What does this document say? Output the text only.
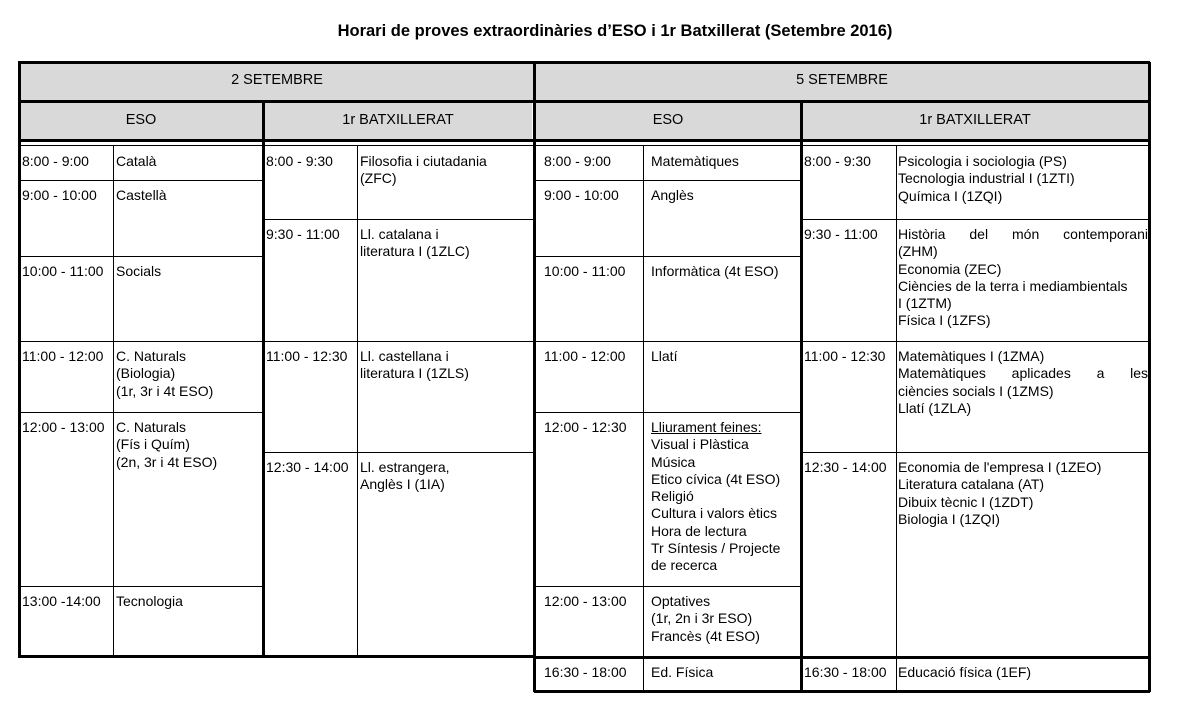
Horari de proves extraordinàries d’ESO i 1r Batxillerat (Setembre 2016)
2 SETEMBRE	5 SETEMBRE
ESO	1r BATXILLERAT	ESO	1r BATXILLERAT
8:00 - 9:00	Català
9:00 - 10:00	Castellà
10:00 - 11:00 Socials
11:00 - 12:00 C. Naturals
(Biologia)
(1r, 3r i 4t ESO)
12:00 - 13:00 C. Naturals
(Fís i Quím)
(2n, 3r i 4t ESO)
13:00 -14:00	Tecnologia
8:00 - 9:30	Filosofia i ciutadania
(ZFC)
9:30 - 11:00	Ll. catalana i
literatura I (1ZLC)
11:00 - 12:30 Ll. castellana i
literatura I (1ZLS)
12:30 - 14:00 Ll. estrangera,
Anglès I (1IA)
8:00 - 9:00	Matemàtiques
9:00 - 10:00	Anglès
10:00 - 11:00	Informàtica (4t ESO)
11:00 - 12:00	Llatí
12:00 - 12:30	Lliurament feines:
Visual i Plàstica
Música
Etico cívica (4t ESO)
Religió
Cultura i valors ètics
Hora de lectura
Tr Síntesis / Projecte
de recerca
12:00 - 13:00	Optatives
(1r, 2n i 3r ESO)
Francès (4t ESO)
16:30 - 18:00	Ed. Física
8:00 - 9:30	Psicologia i sociologia (PS)
Tecnologia industrial I (1ZTI)
Química I (1ZQI)
9:30 - 11:00	Història del món contemporani
(ZHM)
Economia (ZEC)
Ciències de la terra i mediambientals
I (1ZTM)
Física I (1ZFS)
11:00 - 12:30 Matemàtiques I (1ZMA)
Matemàtiques aplicades a les
ciències socials I (1ZMS)
Llatí (1ZLA)
12:30 - 14:00 Economia de l'empresa I (1ZEO)
Literatura catalana (AT)
Dibuix tècnic I (1ZDT)
Biologia I (1ZQI)
16:30 - 18:00 Educació física (1EF)
